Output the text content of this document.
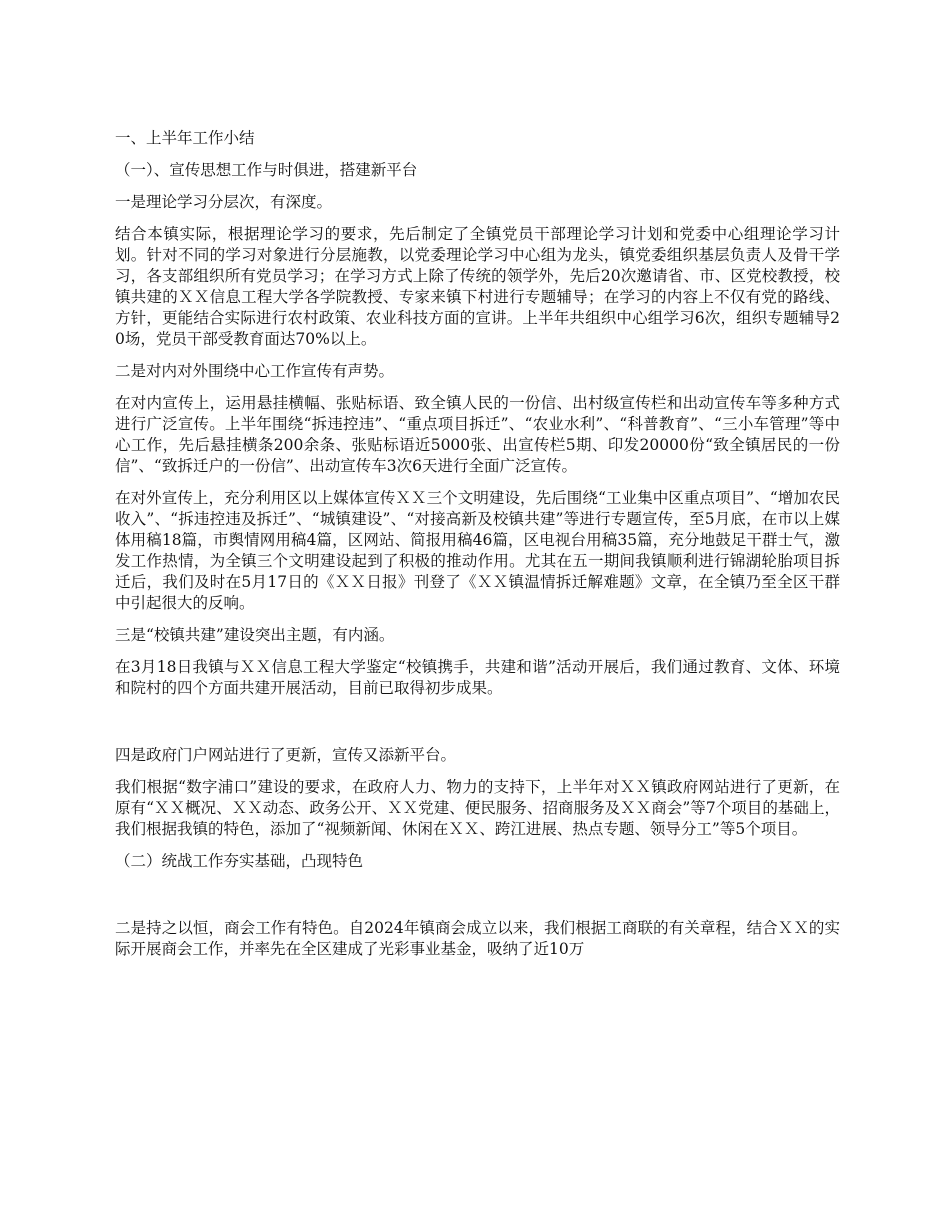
一、上半年工作小结

（一）、宣传思想工作与时俱进，搭建新平台

一是理论学习分层次，有深度。

结合本镇实际，根据理论学习的要求，先后制定了全镇党员干部理论学习计划和党委中心组理论学习计划。针对不同的学习对象进行分层施教，以党委理论学习中心组为龙头，镇党委组织基层负责人及骨干学习，各支部组织所有党员学习；在学习方式上除了传统的领学外，先后20次邀请省、市、区党校教授，校镇共建的ＸＸ信息工程大学各学院教授、专家来镇下村进行专题辅导；在学习的内容上不仅有党的路线、方针，更能结合实际进行农村政策、农业科技方面的宣讲。上半年共组织中心组学习6次，组织专题辅导20场，党员干部受教育面达70%以上。

二是对内对外围绕中心工作宣传有声势。

在对内宣传上，运用悬挂横幅、张贴标语、致全镇人民的一份信、出村级宣传栏和出动宣传车等多种方式进行广泛宣传。上半年围绕“拆违控违”、“重点项目拆迁”、“农业水利”、“科普教育”、“三小车管理”等中心工作，先后悬挂横条200余条、张贴标语近5000张、出宣传栏5期、印发20000份“致全镇居民的一份信”、“致拆迁户的一份信”、出动宣传车3次6天进行全面广泛宣传。

在对外宣传上，充分利用区以上媒体宣传ＸＸ三个文明建设，先后围绕“工业集中区重点项目”、“增加农民收入”、“拆违控违及拆迁”、“城镇建设”、“对接高新及校镇共建”等进行专题宣传，至5月底，在市以上媒体用稿18篇，市舆情网用稿4篇，区网站、简报用稿46篇，区电视台用稿35篇，充分地鼓足干群士气，激发工作热情，为全镇三个文明建设起到了积极的推动作用。尤其在五一期间我镇顺利进行锦湖轮胎项目拆迁后，我们及时在5月17日的《ＸＸ日报》刊登了《ＸＸ镇温情拆迁解难题》文章，在全镇乃至全区干群中引起很大的反响。

三是“校镇共建”建设突出主题，有内涵。

在3月18日我镇与ＸＸ信息工程大学鉴定“校镇携手，共建和谐”活动开展后，我们通过教育、文体、环境和院村的四个方面共建开展活动，目前已取得初步成果。

四是政府门户网站进行了更新，宣传又添新平台。

我们根据“数字浦口”建设的要求，在政府人力、物力的支持下，上半年对ＸＸ镇政府网站进行了更新，在原有“ＸＸ概况、ＸＸ动态、政务公开、ＸＸ党建、便民服务、招商服务及ＸＸ商会”等7个项目的基础上，我们根据我镇的特色，添加了“视频新闻、休闲在ＸＸ、跨江进展、热点专题、领导分工”等5个项目。

（二）统战工作夯实基础，凸现特色

二是持之以恒，商会工作有特色。自2024年镇商会成立以来，我们根据工商联的有关章程，结合ＸＸ的实际开展商会工作，并率先在全区建成了光彩事业基金，吸纳了近10万
